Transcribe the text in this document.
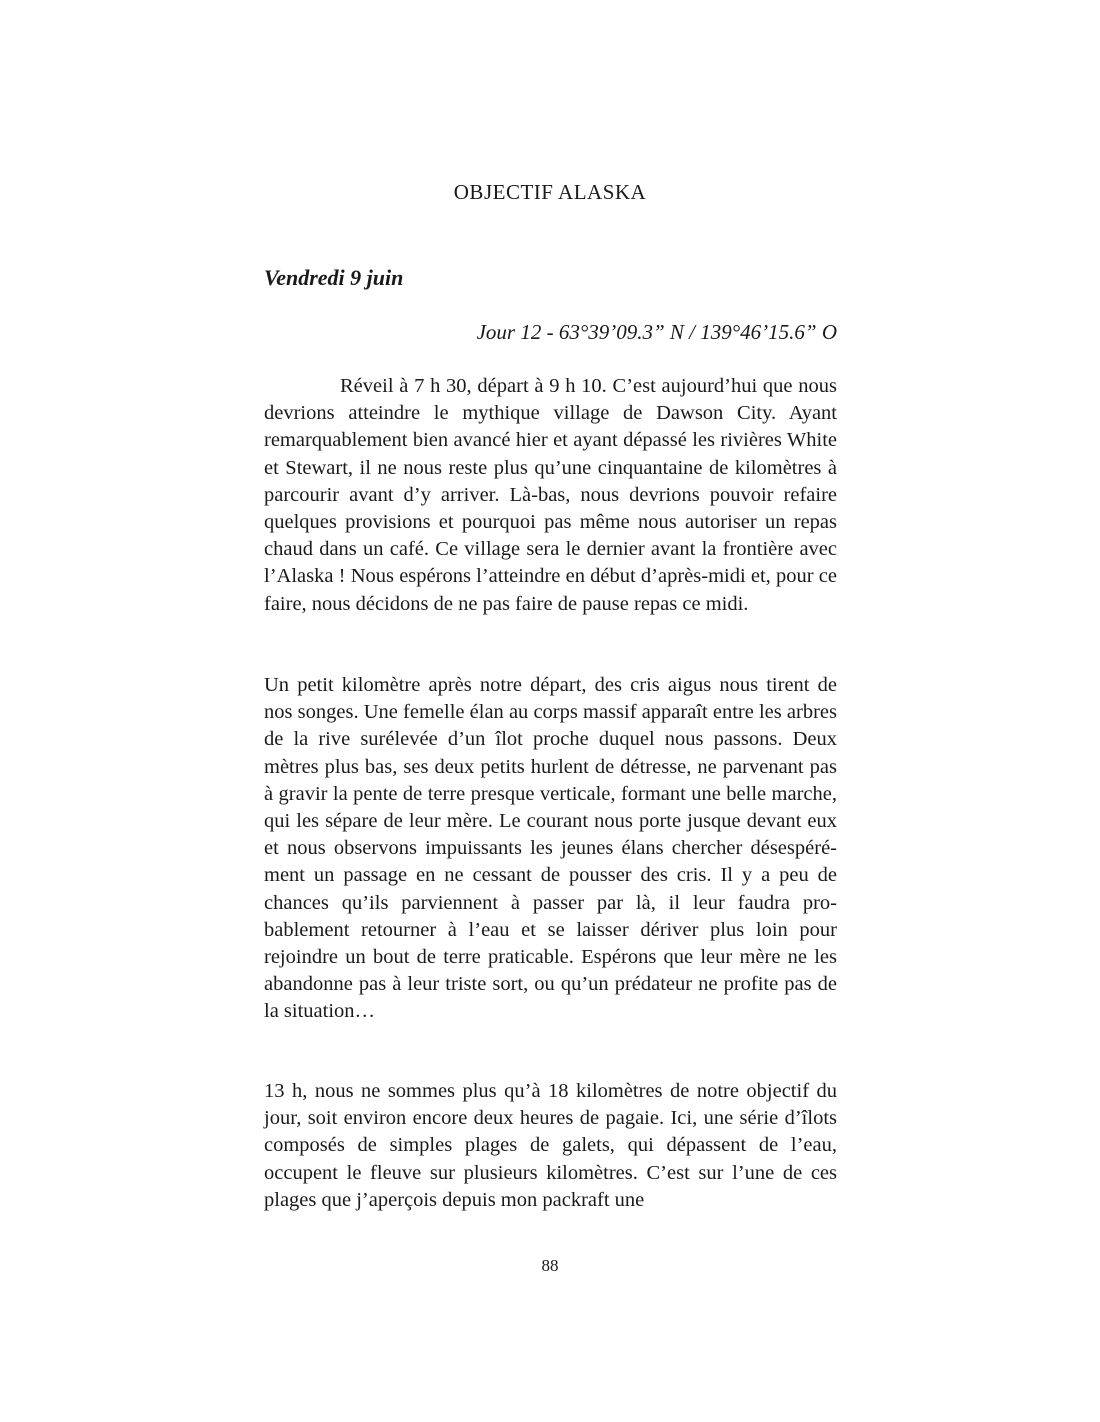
OBJECTIF ALASKA
Vendredi 9 juin
Jour 12 - 63°39’09.3” N / 139°46’15.6” O

Réveil à 7 h 30, départ à 9 h 10. C’est aujourd’hui que nous devrions atteindre le mythique village de Dawson City. Ayant remarquablement bien avancé hier et ayant dépassé les rivières White et Stewart, il ne nous reste plus qu’une cinquantaine de kilomètres à parcourir avant d’y arriver. Là-bas, nous devrions pouvoir refaire quelques provisions et pourquoi pas même nous autoriser un repas chaud dans un café. Ce village sera le dernier avant la frontière avec l’Alaska ! Nous espérons l’atteindre en début d’après-midi et, pour ce faire, nous décidons de ne pas faire de pause repas ce midi.

Un petit kilomètre après notre départ, des cris aigus nous tirent de nos songes. Une femelle élan au corps massif apparaît entre les arbres de la rive surélevée d’un îlot proche duquel nous passons. Deux mètres plus bas, ses deux petits hurlent de détresse, ne parvenant pas à gravir la pente de terre presque verticale, formant une belle marche, qui les sépare de leur mère. Le courant nous porte jusque devant eux et nous observons impuissants les jeunes élans chercher désespérément un passage en ne cessant de pousser des cris. Il y a peu de chances qu’ils parviennent à passer par là, il leur faudra probablement retourner à l’eau et se laisser dériver plus loin pour rejoindre un bout de terre praticable. Espérons que leur mère ne les abandonne pas à leur triste sort, ou qu’un prédateur ne profite pas de la situation…

13 h, nous ne sommes plus qu’à 18 kilomètres de notre objectif du jour, soit environ encore deux heures de pagaie. Ici, une série d’îlots composés de simples plages de galets, qui dépassent de l’eau, occupent le fleuve sur plusieurs kilomètres. C’est sur l’une de ces plages que j’aperçois depuis mon packraft une

88
